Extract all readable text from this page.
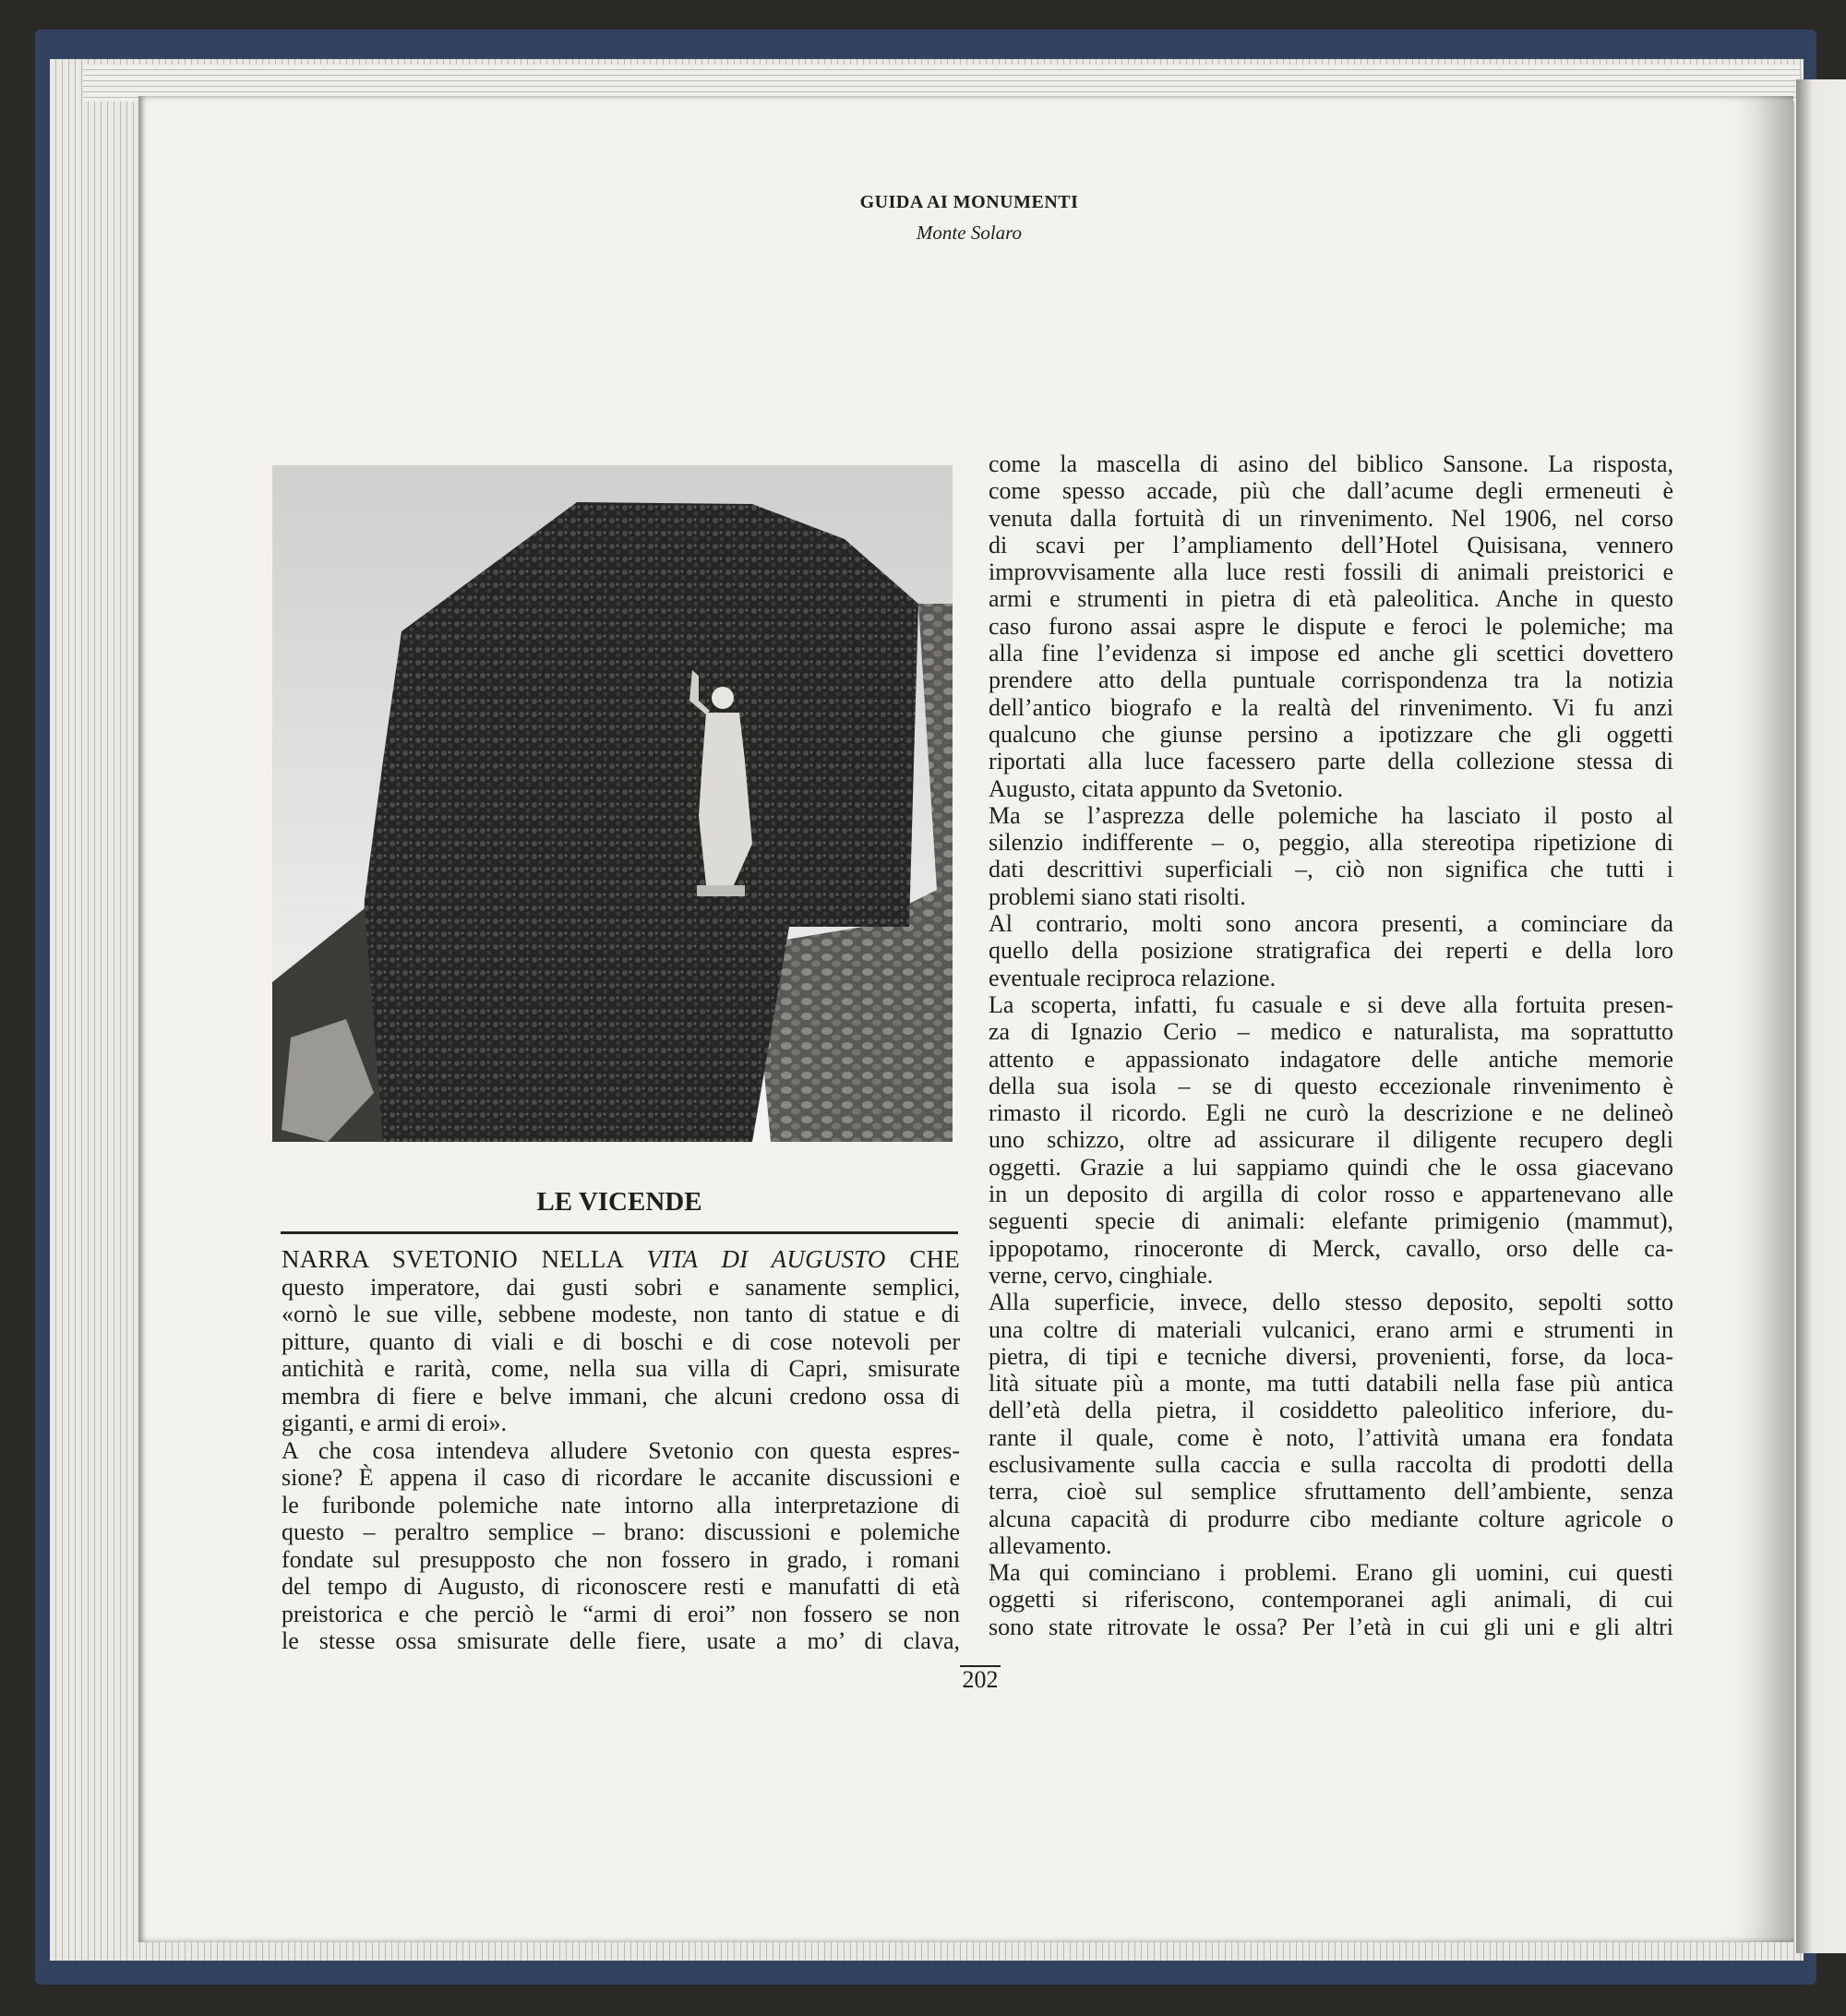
GUIDA AI MONUMENTI
Monte Solaro
LE VICENDE
NARRA SVETONIO NELLA VITA DI AUGUSTO CHE
questo imperatore, dai gusti sobri e sanamente semplici,
«ornò le sue ville, sebbene modeste, non tanto di statue e di
pitture, quanto di viali e di boschi e di cose notevoli per
antichità e rarità, come, nella sua villa di Capri, smisurate
membra di fiere e belve immani, che alcuni credono ossa di
giganti, e armi di eroi».
A che cosa intendeva alludere Svetonio con questa espres-
sione? È appena il caso di ricordare le accanite discussioni e
le furibonde polemiche nate intorno alla interpretazione di
questo – peraltro semplice – brano: discussioni e polemiche
fondate sul presupposto che non fossero in grado, i romani
del tempo di Augusto, di riconoscere resti e manufatti di età
preistorica e che perciò le “armi di eroi” non fossero se non
le stesse ossa smisurate delle fiere, usate a mo’ di clava,
come la mascella di asino del biblico Sansone. La risposta,
come spesso accade, più che dall’acume degli ermeneuti è
venuta dalla fortuità di un rinvenimento. Nel 1906, nel corso
di scavi per l’ampliamento dell’Hotel Quisisana, vennero
improvvisamente alla luce resti fossili di animali preistorici e
armi e strumenti in pietra di età paleolitica. Anche in questo
caso furono assai aspre le dispute e feroci le polemiche; ma
alla fine l’evidenza si impose ed anche gli scettici dovettero
prendere atto della puntuale corrispondenza tra la notizia
dell’antico biografo e la realtà del rinvenimento. Vi fu anzi
qualcuno che giunse persino a ipotizzare che gli oggetti
riportati alla luce facessero parte della collezione stessa di
Augusto, citata appunto da Svetonio.
Ma se l’asprezza delle polemiche ha lasciato il posto al
silenzio indifferente – o, peggio, alla stereotipa ripetizione di
dati descrittivi superficiali –, ciò non significa che tutti i
problemi siano stati risolti.
Al contrario, molti sono ancora presenti, a cominciare da
quello della posizione stratigrafica dei reperti e della loro
eventuale reciproca relazione.
La scoperta, infatti, fu casuale e si deve alla fortuita presen-
za di Ignazio Cerio – medico e naturalista, ma soprattutto
attento e appassionato indagatore delle antiche memorie
della sua isola – se di questo eccezionale rinvenimento è
rimasto il ricordo. Egli ne curò la descrizione e ne delineò
uno schizzo, oltre ad assicurare il diligente recupero degli
oggetti. Grazie a lui sappiamo quindi che le ossa giacevano
in un deposito di argilla di color rosso e appartenevano alle
seguenti specie di animali: elefante primigenio (mammut),
ippopotamo, rinoceronte di Merck, cavallo, orso delle ca-
verne, cervo, cinghiale.
Alla superficie, invece, dello stesso deposito, sepolti sotto
una coltre di materiali vulcanici, erano armi e strumenti in
pietra, di tipi e tecniche diversi, provenienti, forse, da loca-
lità situate più a monte, ma tutti databili nella fase più antica
dell’età della pietra, il cosiddetto paleolitico inferiore, du-
rante il quale, come è noto, l’attività umana era fondata
esclusivamente sulla caccia e sulla raccolta di prodotti della
terra, cioè sul semplice sfruttamento dell’ambiente, senza
alcuna capacità di produrre cibo mediante colture agricole o
allevamento.
Ma qui cominciano i problemi. Erano gli uomini, cui questi
oggetti si riferiscono, contemporanei agli animali, di cui
sono state ritrovate le ossa? Per l’età in cui gli uni e gli altri
202
